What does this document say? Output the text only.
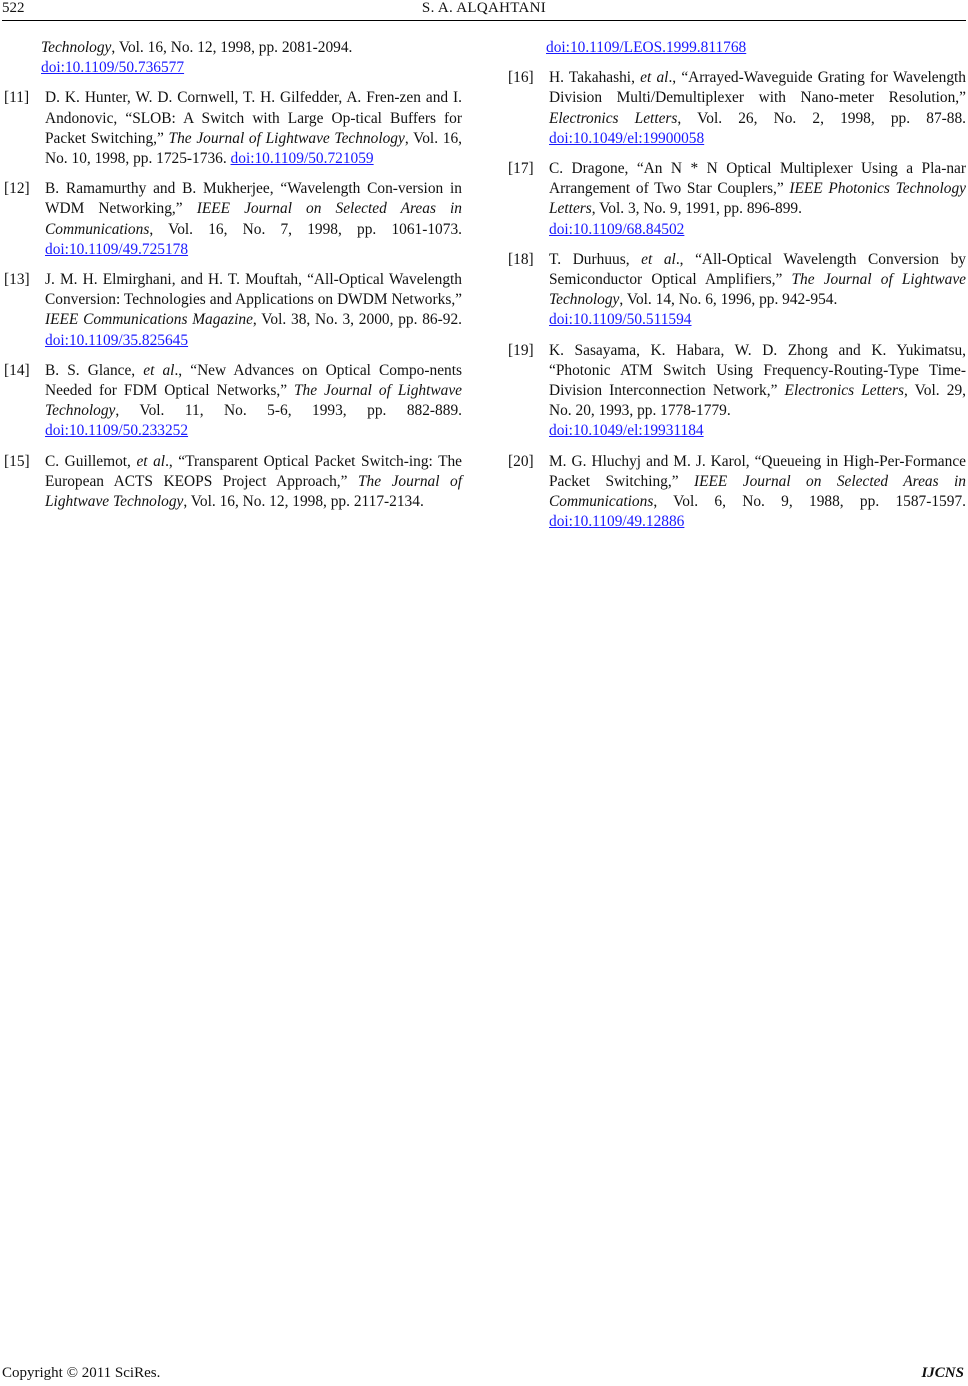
522	S. A. ALQAHTANI
Technology, Vol. 16, No. 12, 1998, pp. 2081-2094.
doi:10.1109/50.736577
[11]	D. K. Hunter, W. D. Cornwell, T. H. Gilfedder, A. Fren-zen and I. Andonovic, “SLOB: A Switch with Large Op-tical Buffers for Packet Switching,” The Journal of Lightwave Technology, Vol. 16, No. 10, 1998, pp. 1725-1736. doi:10.1109/50.721059
[12] B. Ramamurthy and B. Mukherjee, “Wavelength Con-version in WDM Networking,” IEEE Journal on Selected Areas in Communications, Vol. 16, No. 7, 1998, pp. 1061-1073. doi:10.1109/49.725178
[13] J. M. H. Elmirghani, and H. T. Mouftah, “All-Optical Wavelength Conversion: Technologies and Applications on DWDM Networks,” IEEE Communications Magazine, Vol. 38, No. 3, 2000, pp. 86-92. doi:10.1109/35.825645
[14] B. S. Glance, et al., “New Advances on Optical Compo-nents Needed for FDM Optical Networks,” The Journal of Lightwave Technology, Vol. 11, No. 5-6, 1993, pp. 882-889. doi:10.1109/50.233252
[15] C. Guillemot, et al., “Transparent Optical Packet Switch-ing: The European ACTS KEOPS Project Approach,” The Journal of Lightwave Technology, Vol. 16, No. 12, 1998, pp. 2117-2134.
doi:10.1109/LEOS.1999.811768
[16] H. Takahashi, et al., “Arrayed-Waveguide Grating for Wavelength Division Multi/Demultiplexer with Nano-meter Resolution,” Electronics Letters, Vol. 26, No. 2, 1998, pp. 87-88. doi:10.1049/el:19900058
[17] C. Dragone, “An N * N Optical Multiplexer Using a Pla-nar Arrangement of Two Star Couplers,” IEEE Photonics Technology Letters, Vol. 3, No. 9, 1991, pp. 896-899.
doi:10.1109/68.84502
[18] T. Durhuus, et al., “All-Optical Wavelength Conversion by Semiconductor Optical Amplifiers,” The Journal of Lightwave Technology, Vol. 14, No. 6, 1996, pp. 942-954.
doi:10.1109/50.511594
[19] K. Sasayama, K. Habara, W. D. Zhong and K. Yukimatsu, “Photonic ATM Switch Using Frequency-Routing-Type Time-Division Interconnection Network,” Electronics Letters, Vol. 29, No. 20, 1993, pp. 1778-1779.
doi:10.1049/el:19931184
[20] M. G. Hluchyj and M. J. Karol, “Queueing in High-Per-Formance Packet Switching,” IEEE Journal on Selected Areas in Communications, Vol. 6, No. 9, 1988, pp. 1587-1597. doi:10.1109/49.12886
Copyright © 2011 SciRes.	IJCNS
